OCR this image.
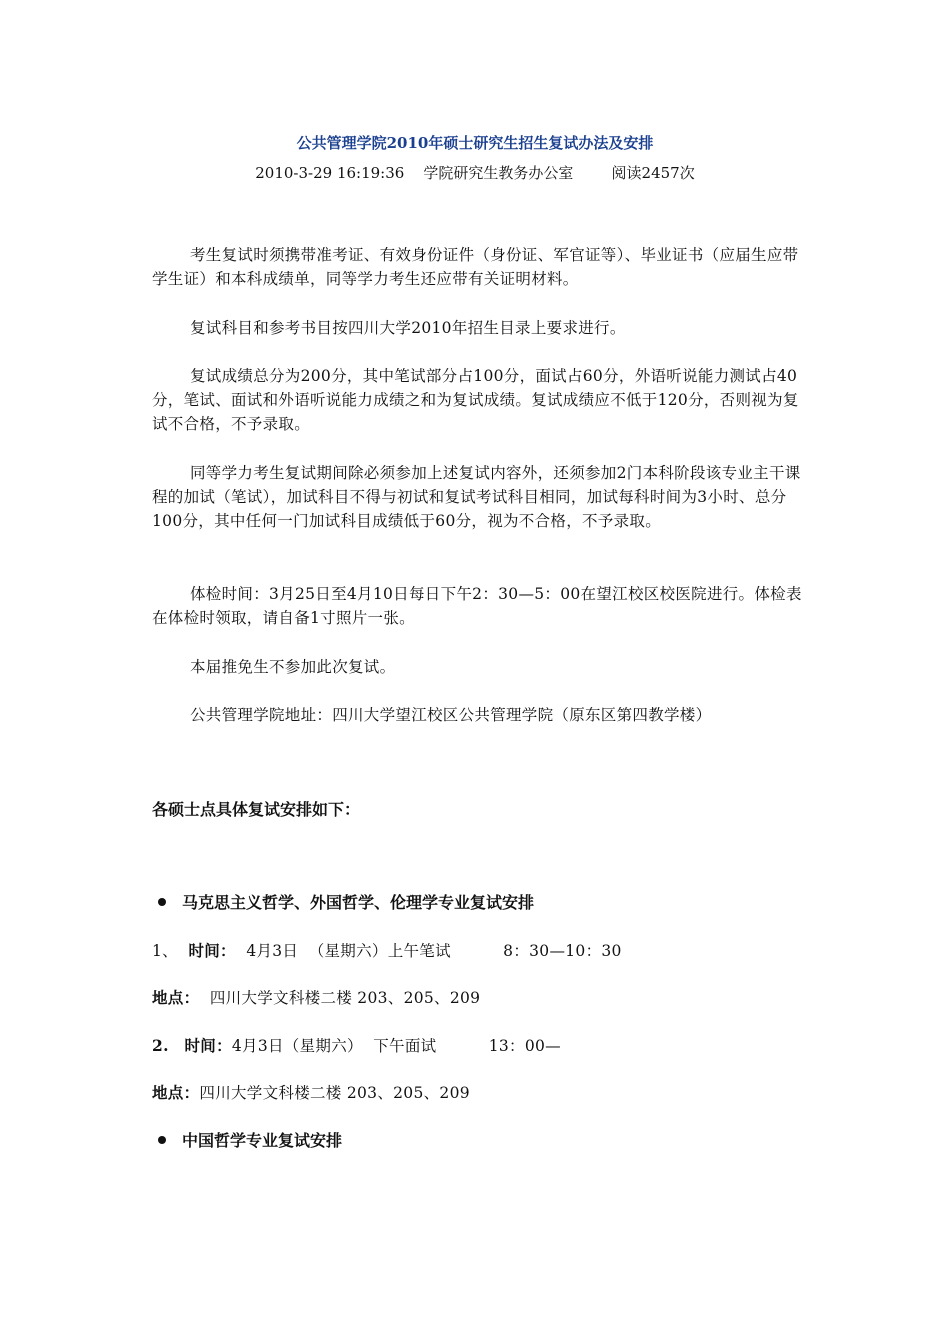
公共管理学院2010年硕士研究生招生复试办法及安排
2010-3-29 16:19:36    学院研究生教务办公室        阅读2457次
考生复试时须携带准考证、有效身份证件（身份证、军官证等）、毕业证书（应届生应带学生证）和本科成绩单，同等学力考生还应带有关证明材料。
复试科目和参考书目按四川大学2010年招生目录上要求进行。
复试成绩总分为200分，其中笔试部分占100分，面试占60分，外语听说能力测试占40分，笔试、面试和外语听说能力成绩之和为复试成绩。复试成绩应不低于120分，否则视为复试不合格，不予录取。
同等学力考生复试期间除必须参加上述复试内容外，还须参加2门本科阶段该专业主干课程的加试（笔试），加试科目不得与初试和复试考试科目相同，加试每科时间为3小时、总分100分，其中任何一门加试科目成绩低于60分，视为不合格，不予录取。
体检时间：3月25日至4月10日每日下午2：30—5：00在望江校区校医院进行。体检表在体检时领取，请自备1寸照片一张。
本届推免生不参加此次复试。
公共管理学院地址：四川大学望江校区公共管理学院（原东区第四教学楼）
各硕士点具体复试安排如下：
马克思主义哲学、外国哲学、伦理学专业复试安排
1、 时间： 4月3日  （星期六）上午笔试          8：30—10：30
地点：  四川大学文科楼二楼 203、205、209
2. 时间：4月3日（星期六）  下午面试          13：00—
地点：四川大学文科楼二楼 203、205、209
中国哲学专业复试安排
